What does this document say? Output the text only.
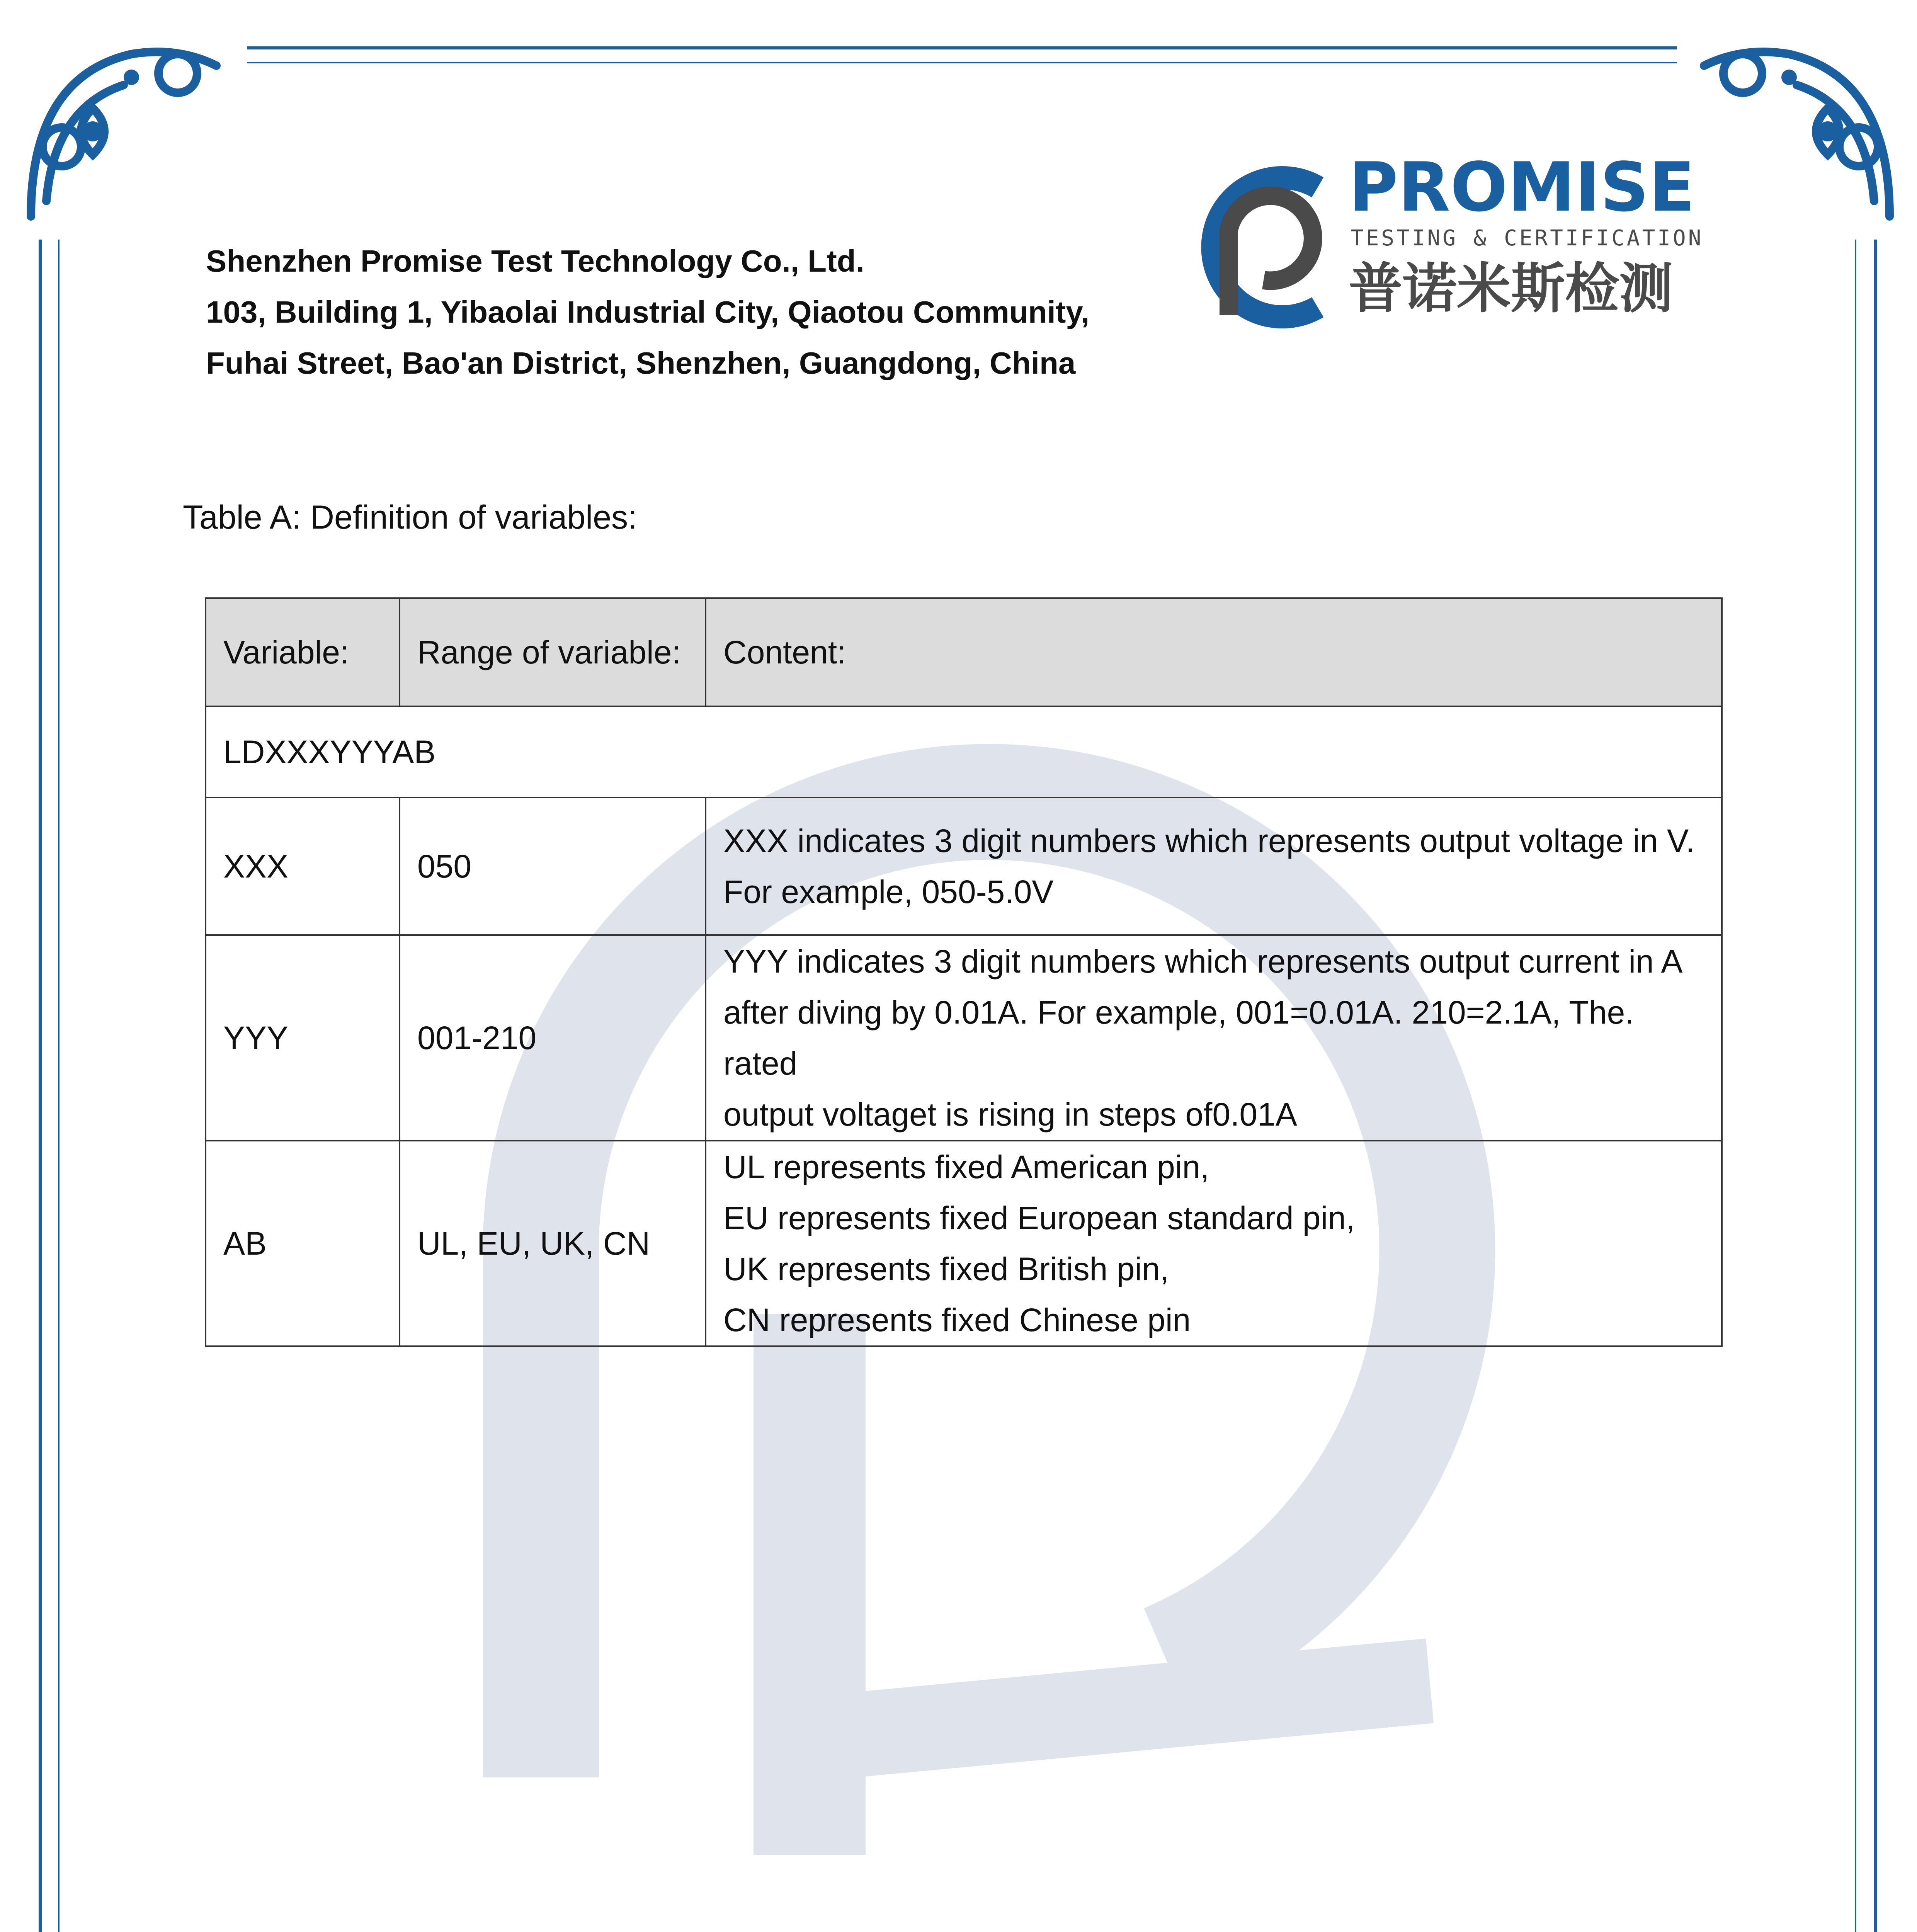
Shenzhen Promise Test Technology Co., Ltd.
103, Building 1, Yibaolai Industrial City, Qiaotou Community,
Fuhai Street, Bao'an District, Shenzhen, Guangdong, China
PROMISE
TESTING & CERTIFICATION
普诺米斯检测
Table A: Definition of variables:
Variable:	Range of variable:	Content:
LDXXXYYYAB		
XXX	050	XXX indicates 3 digit numbers which represents output voltage in V.
For example, 050-5.0V

YYY	001-210	YYY indicates 3 digit numbers which represents output current in A
after diving by 0.01A. For example, 001=0.01A. 210=2.1A, The. rated
output voltaget is rising in steps of0.01A

AB	UL, EU, UK, CN	UL represents fixed American pin,
EU represents fixed European standard pin,
UK represents fixed British pin,
CN represents fixed Chinese pin
